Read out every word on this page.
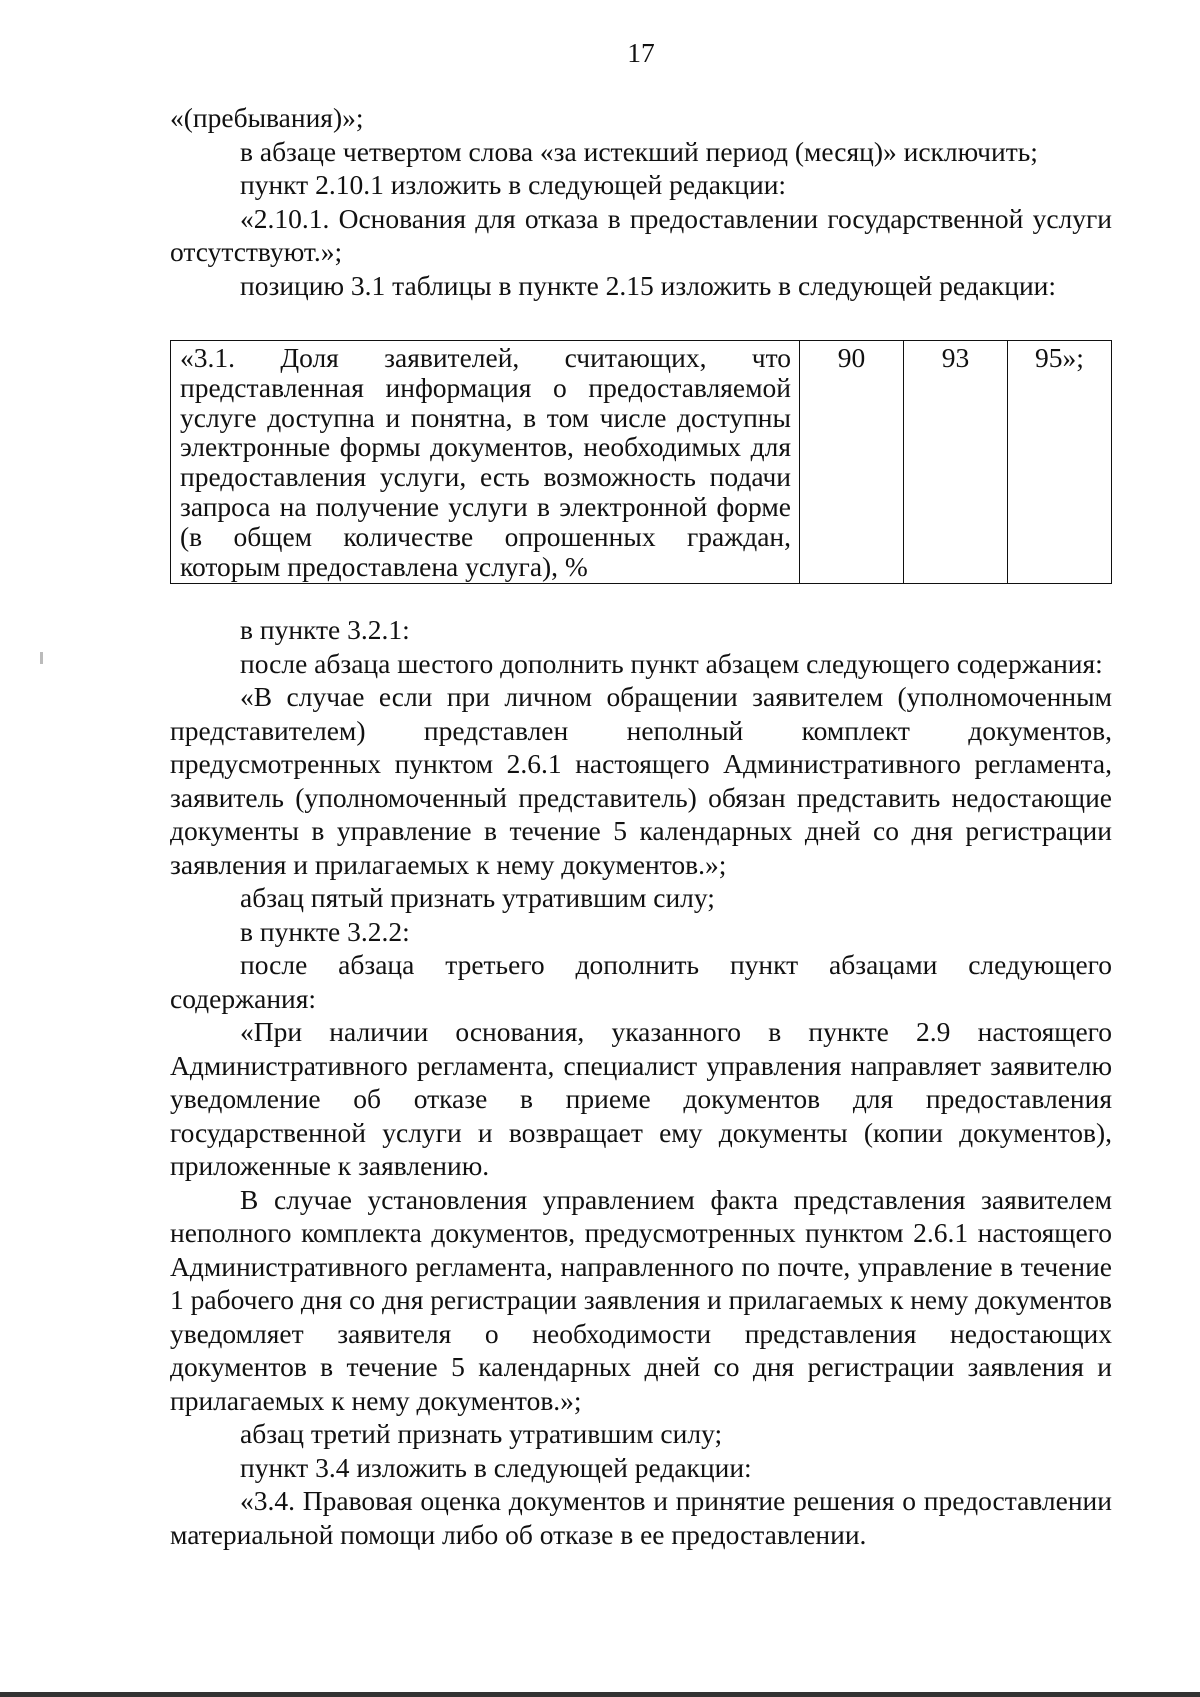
17

«(пребывания)»;

в абзаце четвертом слова «за истекший период (месяц)» исключить;

пункт 2.10.1 изложить в следующей редакции:

«2.10.1. Основания для отказа в предоставлении государственной услуги отсутствуют.»;

позицию 3.1 таблицы в пункте 2.15 изложить в следующей редакции:

«3.1. Доля заявителей, считающих, что представленная информация о предоставляемой услуге доступна и понятна, в том числе доступны электронные формы документов, необходимых для предоставления услуги, есть возможность подачи запроса на получение услуги в электронной форме (в общем количестве опрошенных граждан, которым предоставлена услуга), %	90	93	95»;

в пункте 3.2.1:

после абзаца шестого дополнить пункт абзацем следующего содержания:

«В случае если при личном обращении заявителем (уполномоченным представителем) представлен неполный комплект документов, предусмотренных пунктом 2.6.1 настоящего Административного регламента, заявитель (уполномоченный представитель) обязан представить недостающие документы в управление в течение 5 календарных дней со дня регистрации заявления и прилагаемых к нему документов.»;

абзац пятый признать утратившим силу;

в пункте 3.2.2:

после абзаца третьего дополнить пункт абзацами следующего содержания:

«При наличии основания, указанного в пункте 2.9 настоящего Административного регламента, специалист управления направляет заявителю уведомление об отказе в приеме документов для предоставления государственной услуги и возвращает ему документы (копии документов), приложенные к заявлению.

В случае установления управлением факта представления заявителем неполного комплекта документов, предусмотренных пунктом 2.6.1 настоящего Административного регламента, направленного по почте, управление в течение 1 рабочего дня со дня регистрации заявления и прилагаемых к нему документов уведомляет заявителя о необходимости представления недостающих документов в течение 5 календарных дней со дня регистрации заявления и прилагаемых к нему документов.»;

абзац третий признать утратившим силу;

пункт 3.4 изложить в следующей редакции:

«3.4. Правовая оценка документов и принятие решения о предоставлении материальной помощи либо об отказе в ее предоставлении.
